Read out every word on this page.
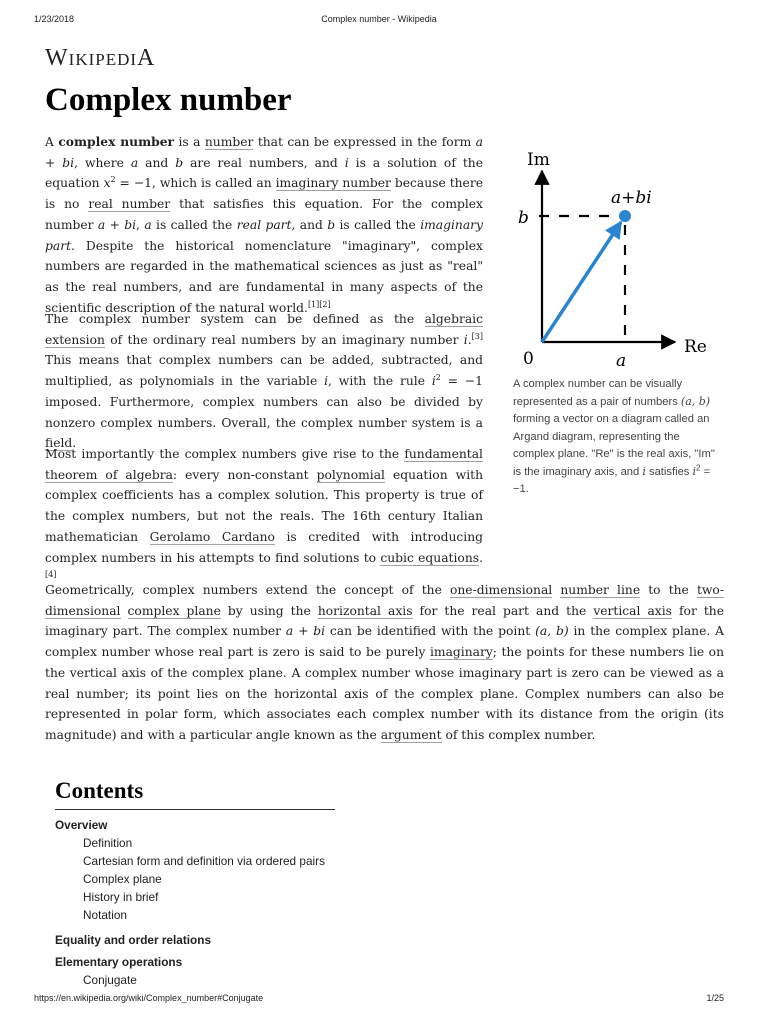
1/23/2018	Complex number - Wikipedia
WIKIPEDIA
Complex number

A complex number is a number that can be expressed in the form a + bi, where a and b are real numbers, and i is a solution of the equation $x^2 = -1$, which is called an imaginary number because there is no real number that satisfies this equation. For the complex number a + bi, a is called the real part, and b is called the imaginary part. Despite the historical nomenclature "imaginary", complex numbers are regarded in the mathematical sciences as just as "real" as the real numbers, and are fundamental in many aspects of the scientific description of the natural world.[1][2]

The complex number system can be defined as the algebraic extension of the ordinary real numbers by an imaginary number i.[3] This means that complex numbers can be added, subtracted, and multiplied, as polynomials in the variable i, with the rule $i^2 = -1$ imposed. Furthermore, complex numbers can also be divided by nonzero complex numbers. Overall, the complex number system is a field.

Most importantly the complex numbers give rise to the fundamental theorem of algebra: every non-constant polynomial equation with complex coefficients has a complex solution. This property is true of the complex numbers, but not the reals. The 16th century Italian mathematician Gerolamo Cardano is credited with introducing complex numbers in his attempts to find solutions to cubic equations.[4]

Im
a+bi
b
Re
0	a

A complex number can be visually represented as a pair of numbers (a, b) forming a vector on a diagram called an Argand diagram, representing the complex plane. "Re" is the real axis, "Im" is the imaginary axis, and i satisfies $i^2 = -1$.

Geometrically, complex numbers extend the concept of the one-dimensional number line to the two-dimensional complex plane by using the horizontal axis for the real part and the vertical axis for the imaginary part. The complex number a + bi can be identified with the point (a, b) in the complex plane. A complex number whose real part is zero is said to be purely imaginary; the points for these numbers lie on the vertical axis of the complex plane. A complex number whose imaginary part is zero can be viewed as a real number; its point lies on the horizontal axis of the complex plane. Complex numbers can also be represented in polar form, which associates each complex number with its distance from the origin (its magnitude) and with a particular angle known as the argument of this complex number.

Contents
Overview
Definition
Cartesian form and definition via ordered pairs
Complex plane
History in brief
Notation
Equality and order relations
Elementary operations
Conjugate
https://en.wikipedia.org/wiki/Complex_number#Conjugate	1/25
